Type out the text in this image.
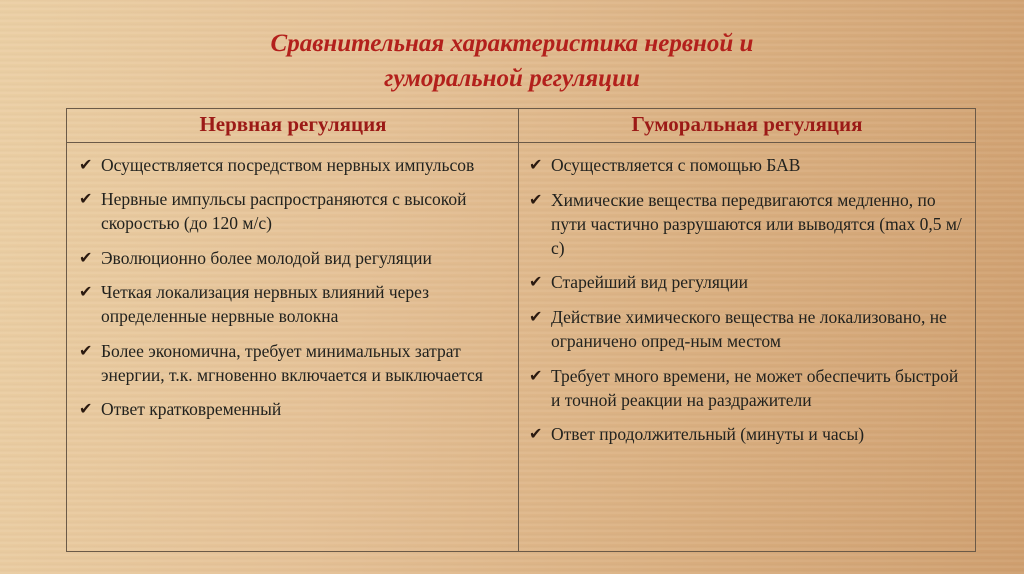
Сравнительная характеристика нервной и
гуморальной регуляции
Нервная регуляция	Гуморальная регуляция
✔ Осуществляется посредством нервных импульсов
✔ Нервные импульсы распространяются с высокой скоростью (до 120 м/с)
✔ Эволюционно более молодой вид регуляции
✔ Четкая локализация нервных влияний через определенные нервные волокна
✔ Более экономична, требует минимальных затрат энергии, т.к. мгновенно включается и выключается
✔ Ответ кратковременный
✔ Осуществляется с помощью БАВ
✔ Химические вещества передвигаются медленно, по пути частично разрушаются или выводятся (max 0,5 м/с)
✔ Старейший вид регуляции
✔ Действие химического вещества не локализовано, не ограничено опред-ным местом
✔ Требует много времени, не может обеспечить быстрой и точной реакции на раздражители
✔ Ответ продолжительный (минуты и часы)
